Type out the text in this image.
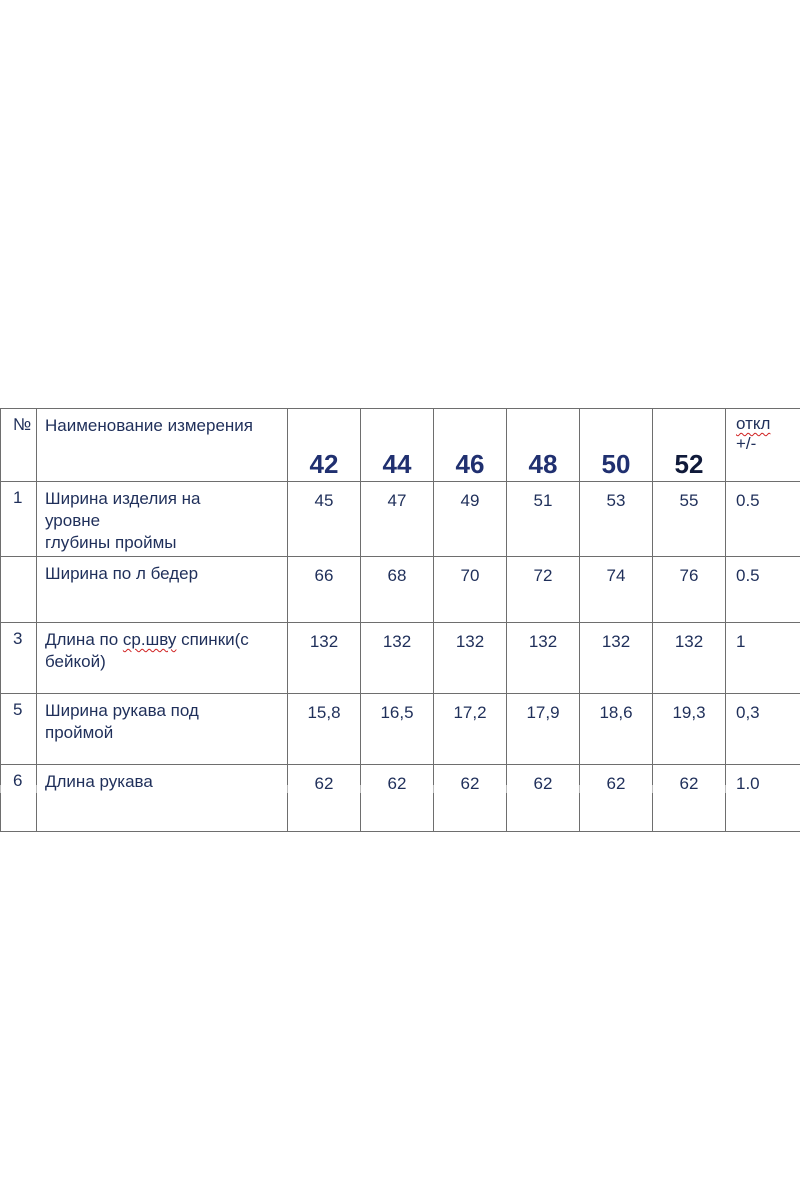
№	Наименование измерения	42	44	46	48	50	52	откл
+/-

1	Ширина изделия на
уровне
глубины проймы	45	47	49	51	53	55	0.5

	Ширина по л бедер	66	68	70	72	74	76	0.5
3	Длина по ср.шву спинки(с
бейкой)	132	132	132	132	132	132	1
5	Ширина рукава под
проймой	15,8	16,5	17,2	17,9	18,6	19,3	0,3
6	Длина рукава	62	62	62	62	62	62	1.0
